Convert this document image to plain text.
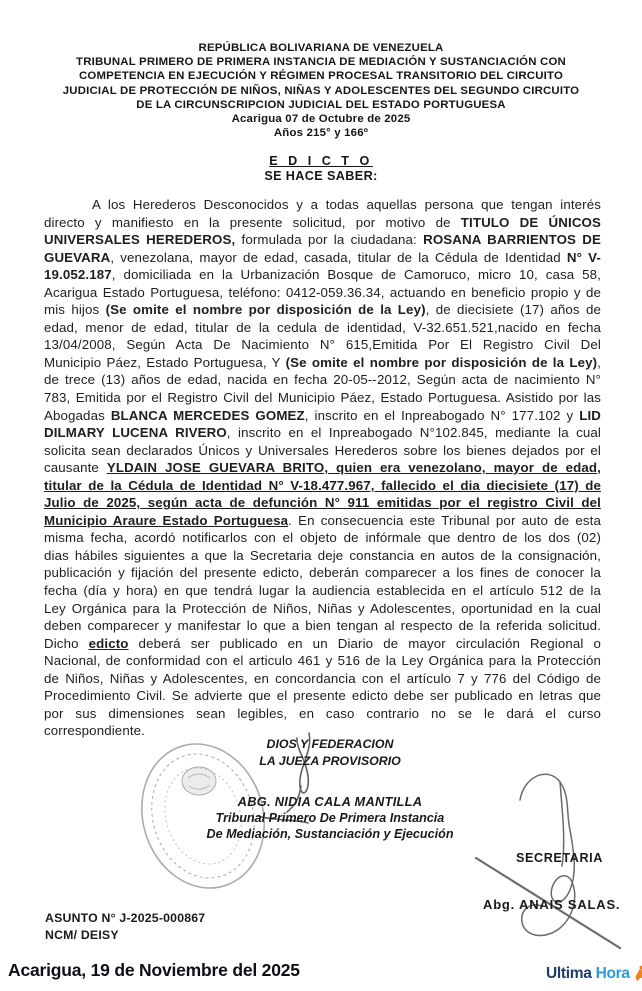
REPÚBLICA BOLIVARIANA DE VENEZUELA
TRIBUNAL PRIMERO DE PRIMERA INSTANCIA DE MEDIACIÓN Y SUSTANCIACIÓN CON
COMPETENCIA EN EJECUCIÓN Y RÉGIMEN PROCESAL TRANSITORIO DEL CIRCUITO
JUDICIAL DE PROTECCIÓN DE NIÑOS, NIÑAS Y ADOLESCENTES DEL SEGUNDO CIRCUITO
DE LA CIRCUNSCRIPCION JUDICIAL DEL ESTADO PORTUGUESA
Acarigua 07 de Octubre de 2025
Años 215° y 166º
E D I C T O
SE HACE SABER:

A los Herederos Desconocidos y a todas aquellas persona que tengan interés directo y manifiesto en la presente solicitud, por motivo de TITULO DE ÚNICOS UNIVERSALES HEREDEROS, formulada por la ciudadana: ROSANA BARRIENTOS DE GUEVARA, venezolana, mayor de edad, casada, titular de la Cédula de Identidad N° V-19.052.187, domiciliada en la Urbanización Bosque de Camoruco, micro 10, casa 58, Acarigua Estado Portuguesa, teléfono: 0412-059.36.34, actuando en beneficio propio y de mis hijos (Se omite el nombre por disposición de la Ley), de diecisiete (17) años de edad, menor de edad, titular de la cedula de identidad, V-32.651.521,nacido en fecha 13/04/2008, Según Acta De Nacimiento N° 615,Emitida Por El Registro Civil Del Municipio Páez, Estado Portuguesa, Y (Se omite el nombre por disposición de la Ley), de trece (13) años de edad, nacida en fecha 20-05--2012, Según acta de nacimiento N° 783, Emitida por el Registro Civil del Municipio Páez, Estado Portuguesa. Asistido por las Abogadas BLANCA MERCEDES GOMEZ, inscrito en el Inpreabogado N° 177.102 y LID DILMARY LUCENA RIVERO, inscrito en el Inpreabogado N°102.845, mediante la cual solicita sean declarados Únicos y Universales Herederos sobre los bienes dejados por el causante YLDAIN JOSE GUEVARA BRITO, quien era venezolano, mayor de edad, titular de la Cédula de Identidad N° V-18.477.967, fallecido el dia diecisiete (17) de Julio de 2025, según acta de defunción N° 911 emitidas por el registro Civil del Municipio Araure Estado Portuguesa. En consecuencia este Tribunal por auto de esta misma fecha, acordó notificarlos con el objeto de infórmale que dentro de los dos (02) dias hábiles siguientes a que la Secretaria deje constancia en autos de la consignación, publicación y fijación del presente edicto, deberán comparecer a los fines de conocer la fecha (día y hora) en que tendrá lugar la audiencia establecida en el artículo 512 de la Ley Orgánica para la Protección de Niños, Niñas y Adolescentes, oportunidad en la cual deben comparecer y manifestar lo que a bien tengan al respecto de la referida solicitud. Dicho edicto deberá ser publicado en un Diario de mayor circulación Regional o Nacional, de conformidad con el articulo 461 y 516 de la Ley Orgánica para la Protección de Niños, Niñas y Adolescentes, en concordancia con el artículo 7 y 776 del Código de Procedimiento Civil. Se advierte que el presente edicto debe ser publicado en letras que por sus dimensiones sean legibles, en caso contrario no se le dará el curso correspondiente.

DIOS Y FEDERACION
LA JUEZA PROVISORIO
ABG. NIDIA CALA MANTILLA
Tribunal Primero De Primera Instancia
De Mediación, Sustanciación y Ejecución
SECRETARIA
Abg. ANAIS SALAS.
ASUNTO N° J-2025-000867
NCM/ DEISY
Acarigua, 19 de Noviembre del 2025	Ultima Hora
